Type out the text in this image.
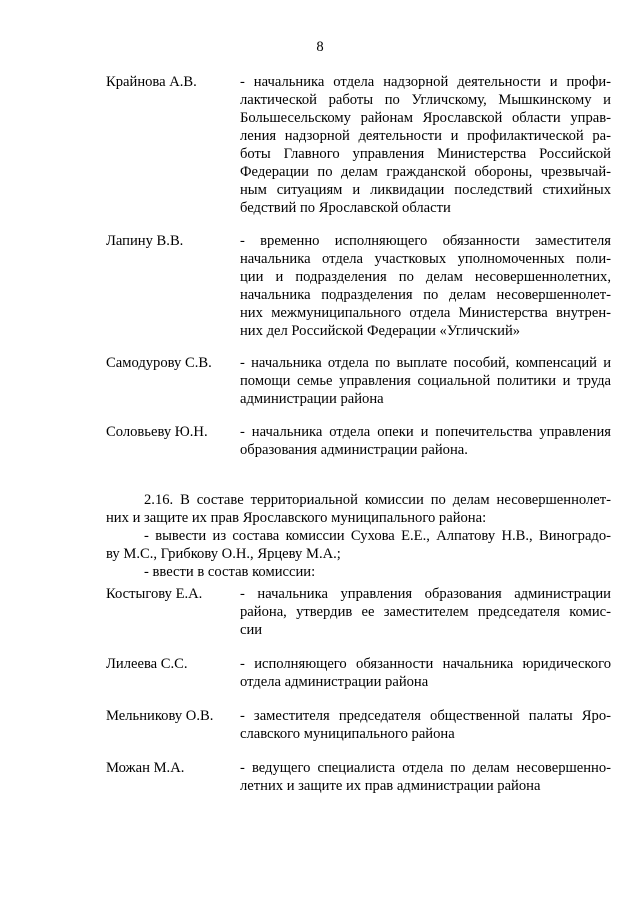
8
Крайнова А.В.	- начальника отдела надзорной деятельности и профи-
лактической работы по Угличскому, Мышкинскому и
Большесельскому районам Ярославской области управ-
ления надзорной деятельности и профилактической ра-
боты Главного управления Министерства Российской
Федерации по делам гражданской обороны, чрезвычай-
ным ситуациям и ликвидации последствий стихийных
бедствий по Ярославской области
Лапину В.В.	- временно исполняющего обязанности заместителя
начальника отдела участковых уполномоченных поли-
ции и подразделения по делам несовершеннолетних,
начальника подразделения по делам несовершеннолет-
них межмуниципального отдела Министерства внутрен-
них дел Российской Федерации «Угличский»
Самодурову С.В.	- начальника отдела по выплате пособий, компенсаций и
помощи семье управления социальной политики и труда
администрации района
Соловьеву Ю.Н.	- начальника отдела опеки и попечительства управления
образования администрации района.
2.16. В составе территориальной комиссии по делам несовершеннолет-
них и защите их прав Ярославского муниципального района:
- вывести из состава комиссии Сухова Е.Е., Алпатову Н.В., Виноградо-
ву М.С., Грибкову О.Н., Ярцеву М.А.;
- ввести в состав комиссии:
Костыгову Е.А.	- начальника управления образования администрации
района, утвердив ее заместителем председателя комис-
сии
Лилеева С.С.	- исполняющего обязанности начальника юридического
отдела администрации района
Мельникову О.В.	- заместителя председателя общественной палаты Яро-
славского муниципального района
Можан М.А.	- ведущего специалиста отдела по делам несовершенно-
летних и защите их прав администрации района
